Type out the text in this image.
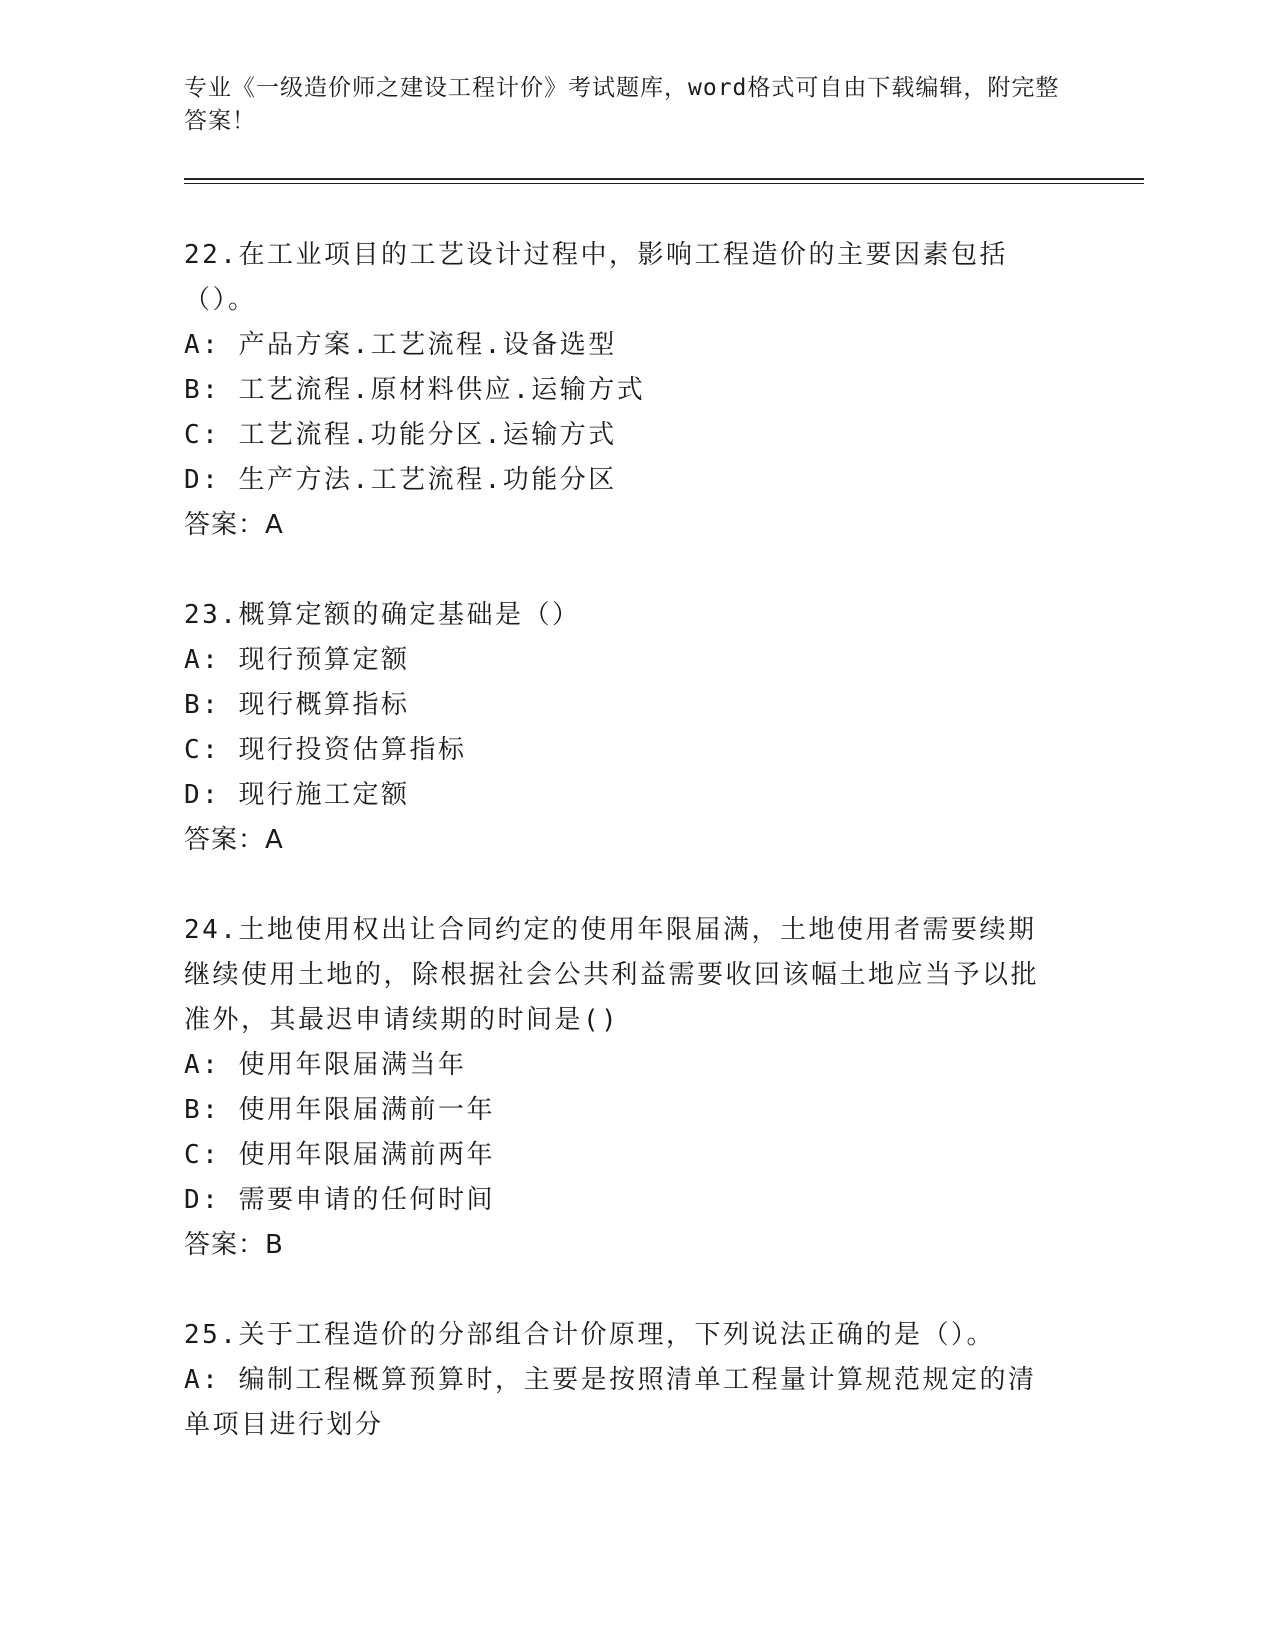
专业《一级造价师之建设工程计价》考试题库，word格式可自由下载编辑，附完整答案！
22.在工业项目的工艺设计过程中，影响工程造价的主要因素包括（）。
A: 产品方案.工艺流程.设备选型
B: 工艺流程.原材料供应.运输方式
C: 工艺流程.功能分区.运输方式
D: 生产方法.工艺流程.功能分区
答案：A
23.概算定额的确定基础是（）
A: 现行预算定额
B: 现行概算指标
C: 现行投资估算指标
D: 现行施工定额
答案：A
24.土地使用权出让合同约定的使用年限届满，土地使用者需要续期继续使用土地的，除根据社会公共利益需要收回该幅土地应当予以批准外，其最迟申请续期的时间是()
A: 使用年限届满当年
B: 使用年限届满前一年
C: 使用年限届满前两年
D: 需要申请的任何时间
答案：B
25.关于工程造价的分部组合计价原理，下列说法正确的是（）。
A: 编制工程概算预算时，主要是按照清单工程量计算规范规定的清单项目进行划分
